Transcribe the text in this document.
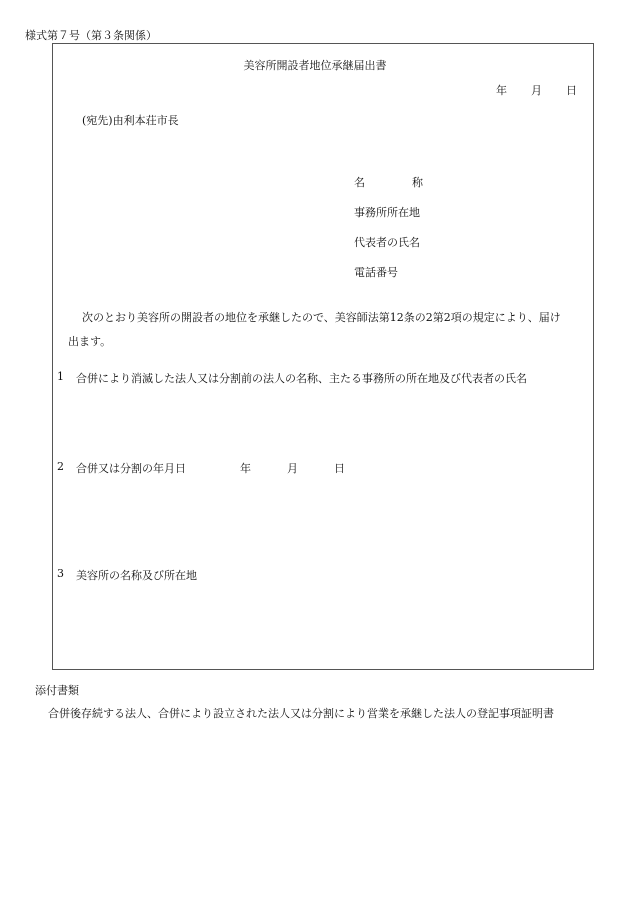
様式第７号（第３条関係）
美容所開設者地位承継届出書
年 月 日
(宛先)由利本荘市長
名	称
事務所所在地
代表者の氏名
電話番号
次のとおり美容所の開設者の地位を承継したので、美容師法第12条の2第2項の規定により、届け
出ます。
1 合併により消滅した法人又は分割前の法人の名称、主たる事務所の所在地及び代表者の氏名
2 合併又は分割の年月日	年	月	日
3 美容所の名称及び所在地
添付書類
合併後存続する法人、合併により設立された法人又は分割により営業を承継した法人の登記事項証明書
